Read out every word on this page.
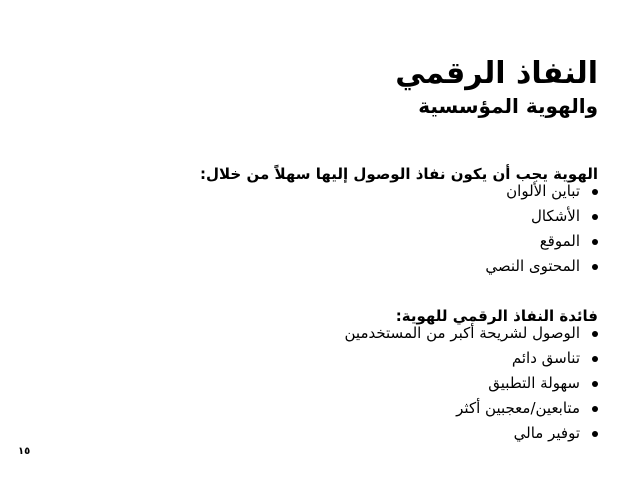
النفاذ الرقمي
والهوية المؤسسية
الهوية يجب أن يكون نفاذ الوصول إليها سهلاً من خلال:
تباين الألوان
الأشكال
الموقع
المحتوى النصي
فائدة النفاذ الرقمي للهوية:
الوصول لشريحة أكبر من المستخدمين
تناسق دائم
سهولة التطبيق
متابعين/معجبين أكثر
توفير مالي
١٥
